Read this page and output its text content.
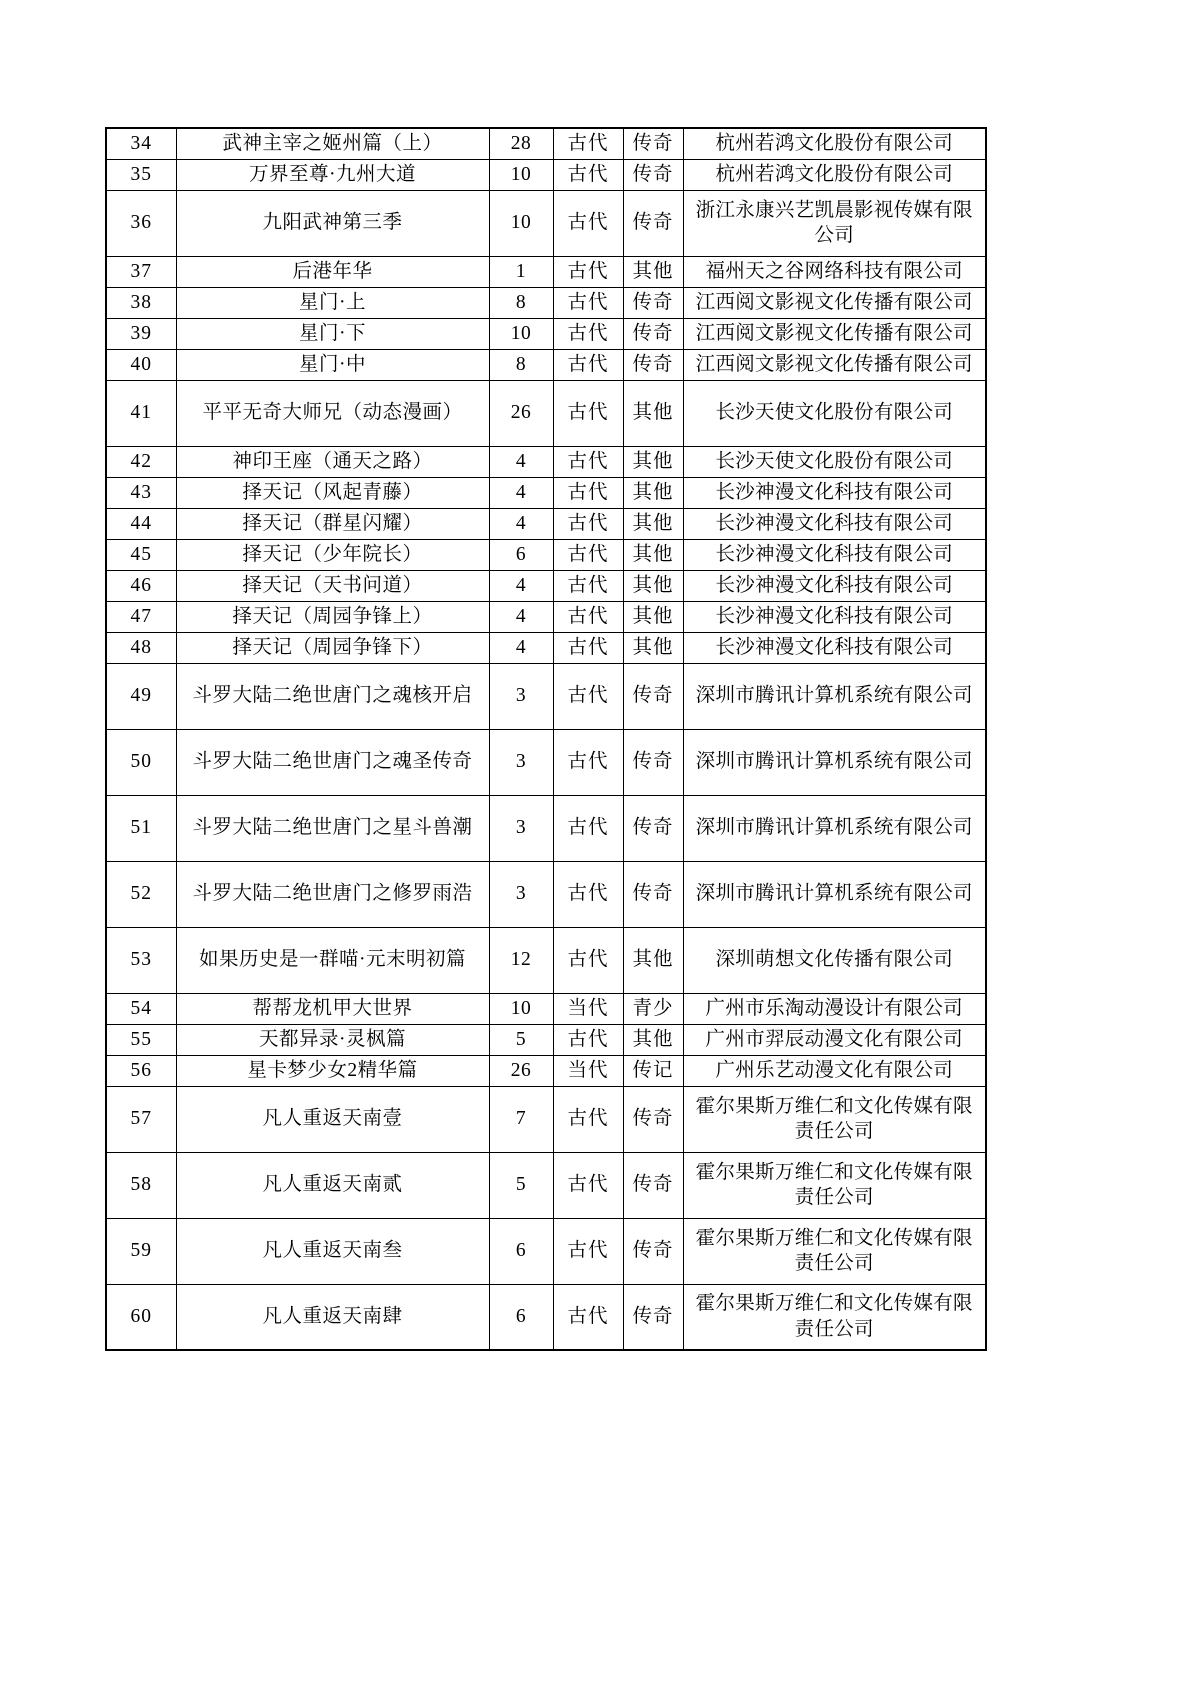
34	武神主宰之姬州篇（上）	28	古代	传奇	杭州若鸿文化股份有限公司
35	万界至尊·九州大道	10	古代	传奇	杭州若鸿文化股份有限公司
36	九阳武神第三季	10	古代	传奇	浙江永康兴艺凯晨影视传媒有限公司
37	后港年华	1	古代	其他	福州天之谷网络科技有限公司
38	星门·上	8	古代	传奇	江西阅文影视文化传播有限公司
39	星门·下	10	古代	传奇	江西阅文影视文化传播有限公司
40	星门·中	8	古代	传奇	江西阅文影视文化传播有限公司
41	平平无奇大师兄（动态漫画）	26	古代	其他	长沙天使文化股份有限公司
42	神印王座（通天之路）	4	古代	其他	长沙天使文化股份有限公司
43	择天记（风起青藤）	4	古代	其他	长沙神漫文化科技有限公司
44	择天记（群星闪耀）	4	古代	其他	长沙神漫文化科技有限公司
45	择天记（少年院长）	6	古代	其他	长沙神漫文化科技有限公司
46	择天记（天书问道）	4	古代	其他	长沙神漫文化科技有限公司
47	择天记（周园争锋上）	4	古代	其他	长沙神漫文化科技有限公司
48	择天记（周园争锋下）	4	古代	其他	长沙神漫文化科技有限公司
49	斗罗大陆二绝世唐门之魂核开启	3	古代	传奇	深圳市腾讯计算机系统有限公司
50	斗罗大陆二绝世唐门之魂圣传奇	3	古代	传奇	深圳市腾讯计算机系统有限公司
51	斗罗大陆二绝世唐门之星斗兽潮	3	古代	传奇	深圳市腾讯计算机系统有限公司
52	斗罗大陆二绝世唐门之修罗雨浩	3	古代	传奇	深圳市腾讯计算机系统有限公司
53	如果历史是一群喵·元末明初篇	12	古代	其他	深圳萌想文化传播有限公司
54	帮帮龙机甲大世界	10	当代	青少	广州市乐淘动漫设计有限公司
55	天都异录·灵枫篇	5	古代	其他	广州市羿辰动漫文化有限公司
56	星卡梦少女2精华篇	26	当代	传记	广州乐艺动漫文化有限公司
57	凡人重返天南壹	7	古代	传奇	霍尔果斯万维仁和文化传媒有限责任公司
58	凡人重返天南贰	5	古代	传奇	霍尔果斯万维仁和文化传媒有限责任公司
59	凡人重返天南叁	6	古代	传奇	霍尔果斯万维仁和文化传媒有限责任公司
60	凡人重返天南肆	6	古代	传奇	霍尔果斯万维仁和文化传媒有限责任公司
